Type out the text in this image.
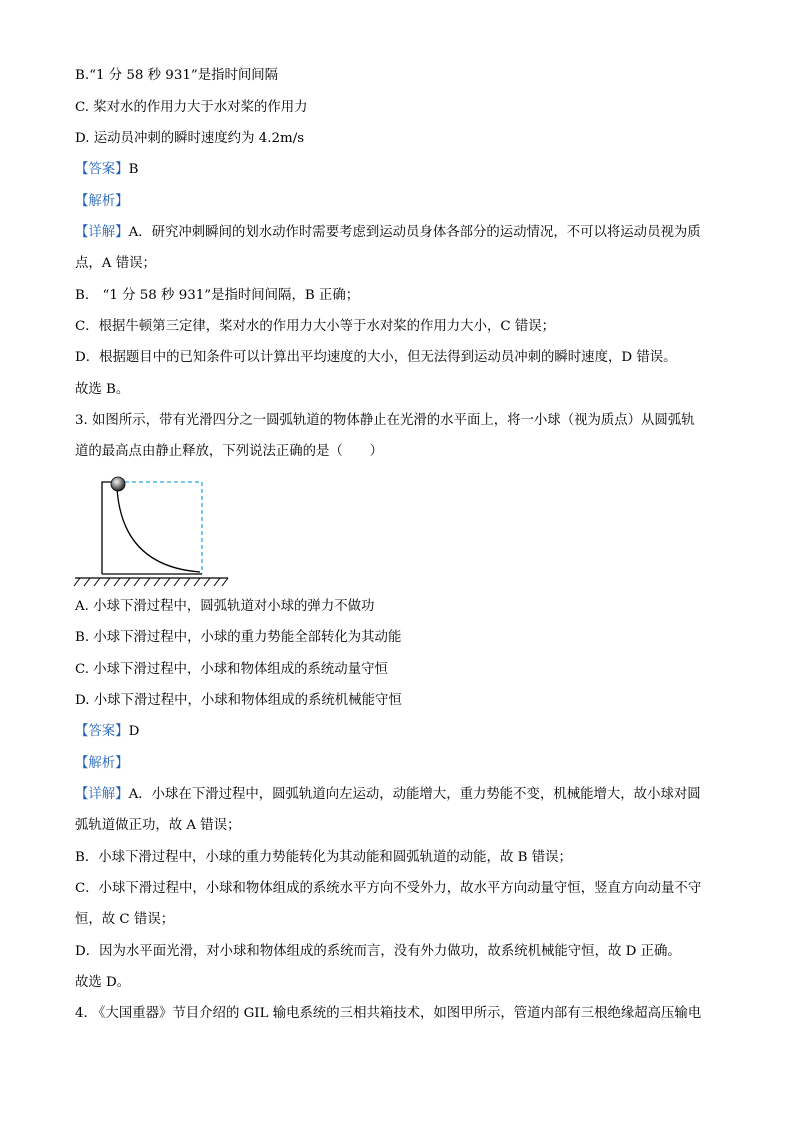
B.“1 分 58 秒 931”是指时间间隔
C. 桨对水的作用力大于水对桨的作用力
D. 运动员冲刺的瞬时速度约为 4.2m/s
【答案】B
【解析】
【详解】A．研究冲刺瞬间的划水动作时需要考虑到运动员身体各部分的运动情况，不可以将运动员视为质
点，A 错误；
B． “1 分 58 秒 931”是指时间间隔，B 正确；
C．根据牛顿第三定律，桨对水的作用力大小等于水对桨的作用力大小，C 错误；
D．根据题目中的已知条件可以计算出平均速度的大小，但无法得到运动员冲刺的瞬时速度，D 错误。
故选 B。
3. 如图所示，带有光滑四分之一圆弧轨道的物体静止在光滑的水平面上，将一小球（视为质点）从圆弧轨
道的最高点由静止释放，下列说法正确的是（　　）
A. 小球下滑过程中，圆弧轨道对小球的弹力不做功
B. 小球下滑过程中，小球的重力势能全部转化为其动能
C. 小球下滑过程中，小球和物体组成的系统动量守恒
D. 小球下滑过程中，小球和物体组成的系统机械能守恒
【答案】D
【解析】
【详解】A．小球在下滑过程中，圆弧轨道向左运动，动能增大，重力势能不变，机械能增大，故小球对圆
弧轨道做正功，故 A 错误；
B．小球下滑过程中，小球的重力势能转化为其动能和圆弧轨道的动能，故 B 错误；
C．小球下滑过程中，小球和物体组成的系统水平方向不受外力，故水平方向动量守恒，竖直方向动量不守
恒，故 C 错误；
D．因为水平面光滑，对小球和物体组成的系统而言，没有外力做功，故系统机械能守恒，故 D 正确。
故选 D。
4. 《大国重器》节目介绍的 GIL 输电系统的三相共箱技术，如图甲所示，管道内部有三根绝缘超高压输电
